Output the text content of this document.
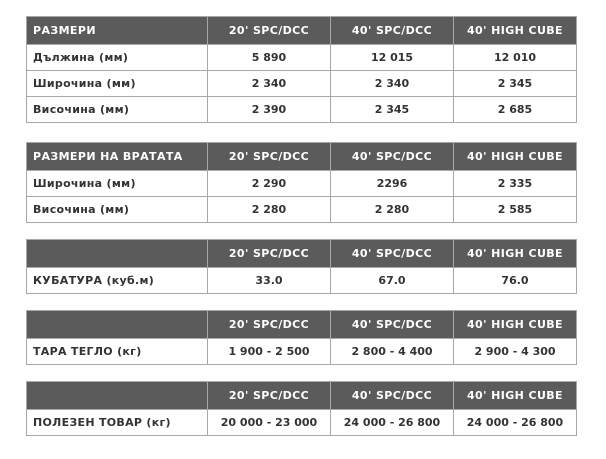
РАЗМЕРИ	20' SPC/DCC	40' SPC/DCC	40' HIGH CUBE
Дължина (мм)	5 890	12 015	12 010
Широчина (мм)	2 340	2 340	2 345
Височина (мм)	2 390	2 345	2 685
РАЗМЕРИ НА ВРАТАТА	20' SPC/DCC	40' SPC/DCC	40' HIGH CUBE
Широчина (мм)	2 290	2296	2 335
Височина (мм)	2 280	2 280	2 585
	20' SPC/DCC	40' SPC/DCC	40' HIGH CUBE
КУБАТУРА (куб.м)	33.0	67.0	76.0
	20' SPC/DCC	40' SPC/DCC	40' HIGH CUBE
ТАРА ТЕГЛО (кг)	1 900 - 2 500	2 800 - 4 400	2 900 - 4 300
	20' SPC/DCC	40' SPC/DCC	40' HIGH CUBE
ПОЛЕЗЕН ТОВАР (кг)	20 000 - 23 000	24 000 - 26 800	24 000 - 26 800
